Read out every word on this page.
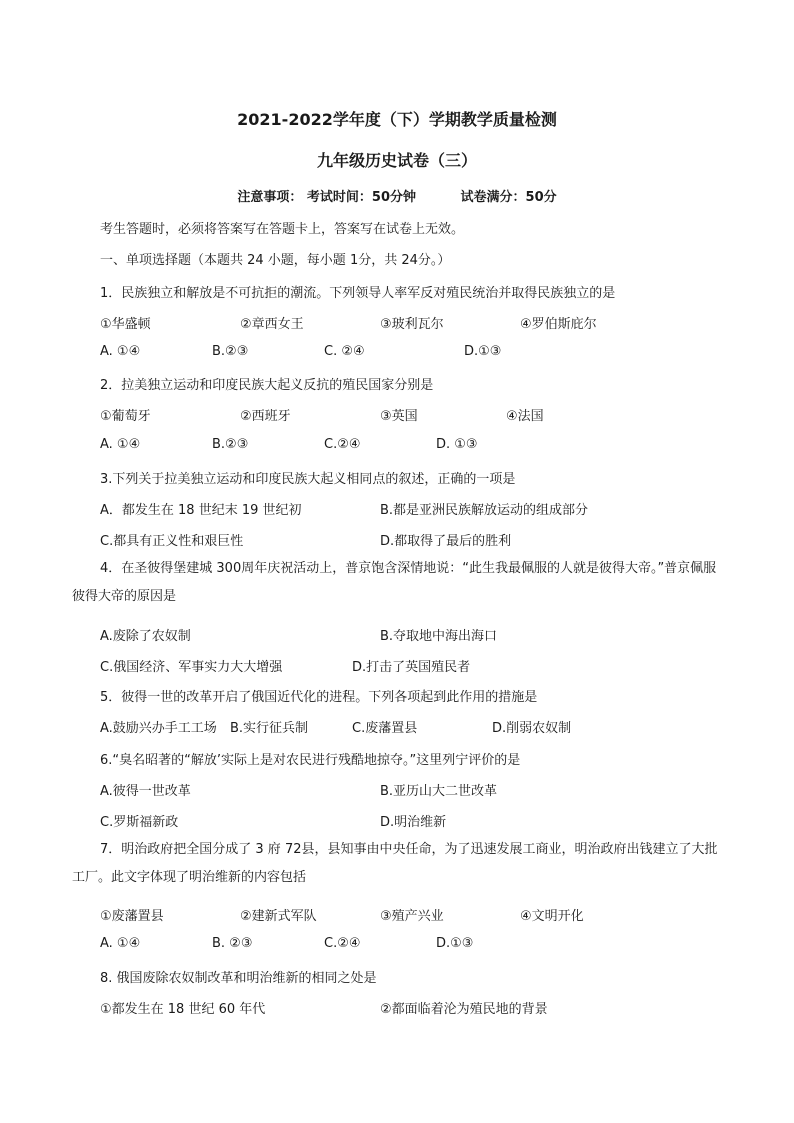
2021-2022学年度（下）学期教学质量检测
九年级历史试卷（三）
注意事项： 考试时间：50分钟	试卷满分：50分
考生答题时，必须将答案写在答题卡上，答案写在试卷上无效。
一、单项选择题（本题共 24 小题，每小题 1分，共 24分。）
1．民族独立和解放是不可抗拒的潮流。下列领导人率军反对殖民统治并取得民族独立的是
①华盛顿	②章西女王	③玻利瓦尔	④罗伯斯庇尔
A. ①④	B.②③	C. ②④	D.①③
2．拉美独立运动和印度民族大起义反抗的殖民国家分别是
①葡萄牙	②西班牙	③英国	④法国
A. ①④	B.②③	C.②④	D. ①③
3.下列关于拉美独立运动和印度民族大起义相同点的叙述，正确的一项是
A．都发生在 18 世纪末 19 世纪初	B.都是亚洲民族解放运动的组成部分
C.都具有正义性和艰巨性	D.都取得了最后的胜利
4．在圣彼得堡建城 300周年庆祝活动上，普京饱含深情地说：“此生我最佩服的人就是彼得大帝。”普京佩服彼得大帝的原因是
A.废除了农奴制	B.夺取地中海出海口
C.俄国经济、军事实力大大增强	D.打击了英国殖民者
5．彼得一世的改革开启了俄国近代化的进程。下列各项起到此作用的措施是
A.鼓励兴办手工工场 B.实行征兵制	C.废藩置县	D.削弱农奴制
6.“臭名昭著的“解放’实际上是对农民进行残酷地掠夺。”这里列宁评价的是
A.彼得一世改革	B.亚历山大二世改革
C.罗斯福新政	D.明治维新
7．明治政府把全国分成了 3 府 72县，县知事由中央任命，为了迅速发展工商业，明治政府出钱建立了大批工厂。此文字体现了明治维新的内容包括
①废藩置县	②建新式军队	③殖产兴业	④文明开化
A. ①④	B. ②③	C.②④	D.①③
8. 俄国废除农奴制改革和明治维新的相同之处是
①都发生在 18 世纪 60 年代	②都面临着沦为殖民地的背景
